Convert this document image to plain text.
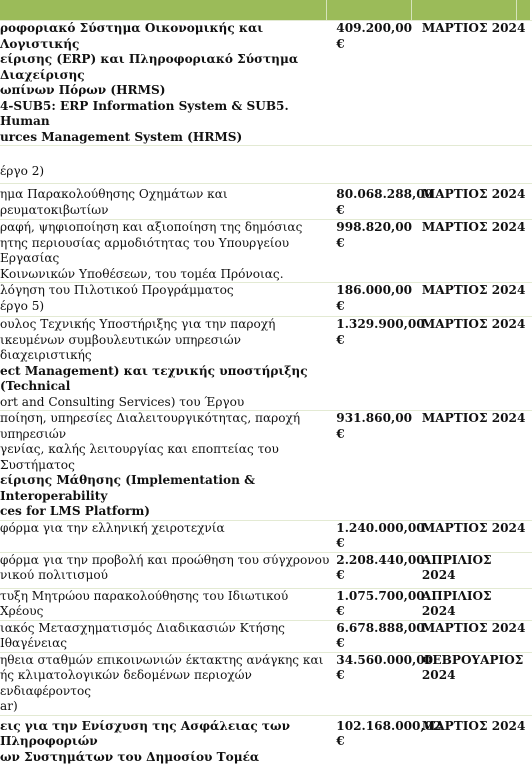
ροφοριακό Σύστημα Οικονομικής και Λογιστικής
είρισης (ERP) και Πληροφοριακό Σύστημα Διαχείρισης
ωπίνων Πόρων (HRMS)
4-SUB5: ERP Information System & SUB5. Human
urces Management System (HRMS)	409.200,00 €	ΜΑΡΤΙΟΣ 2024

έργο 2)		

ημα Παρακολούθησης Οχημάτων και
ρευματοκιβωτίων	80.068.288,00 €	ΜΑΡΤΙΟΣ 2024

ραφή, ψηφιοποίηση και αξιοποίηση της δημόσιας
ητης περιουσίας αρμοδιότητας του Υπουργείου Εργασίας
Κοινωνικών Υποθέσεων, του τομέα Πρόνοιας.	998.820,00 €	ΜΑΡΤΙΟΣ 2024

λόγηση του Πιλοτικού Προγράμματος
έργο 5)	186.000,00 €	ΜΑΡΤΙΟΣ 2024

ουλος Τεχνικής Υποστήριξης για την παροχή
ικευμένων συμβουλευτικών υπηρεσιών διαχειριστικής
ect Management) και τεχνικής υποστήριξης (Technical
ort and Consulting Services) του Έργου	1.329.900,00 €	ΜΑΡΤΙΟΣ 2024

ποίηση, υπηρεσίες Διαλειτουργικότητας, παροχή υπηρεσιών
γενίας, καλής λειτουργίας και εποπτείας του Συστήματος
είρισης Μάθησης (Implementation & Interoperability
ces for LMS Platform)	931.860,00 €	ΜΑΡΤΙΟΣ 2024

φόρμα για την ελληνική χειροτεχνία	1.240.000,00 €	ΜΑΡΤΙΟΣ 2024

φόρμα για την προβολή και προώθηση του σύγχρονου
νικού πολιτισμού	2.208.440,00 €	ΑΠΡΙΛΙΟΣ 2024

τυξη Μητρώου παρακολούθησης του Ιδιωτικού Χρέους	1.075.700,00 €	ΑΠΡΙΛΙΟΣ 2024

ιακός Μετασχηματισμός Διαδικασιών Κτήσης Ιθαγένειας	6.678.888,00 €	ΜΑΡΤΙΟΣ 2024

ηθεια σταθμών επικοινωνιών έκτακτης ανάγκης και
ής κλιματολογικών δεδομένων περιοχών ενδιαφέροντος
ar)	34.560.000,00 €	ΦΕΒΡΟΥΑΡΙΟΣ 2024

εις για την Ενίσχυση της Ασφάλειας των Πληροφοριών
ων Συστημάτων του Δημοσίου Τομέα	102.168.000,02 €	ΜΑΡΤΙΟΣ 2024
